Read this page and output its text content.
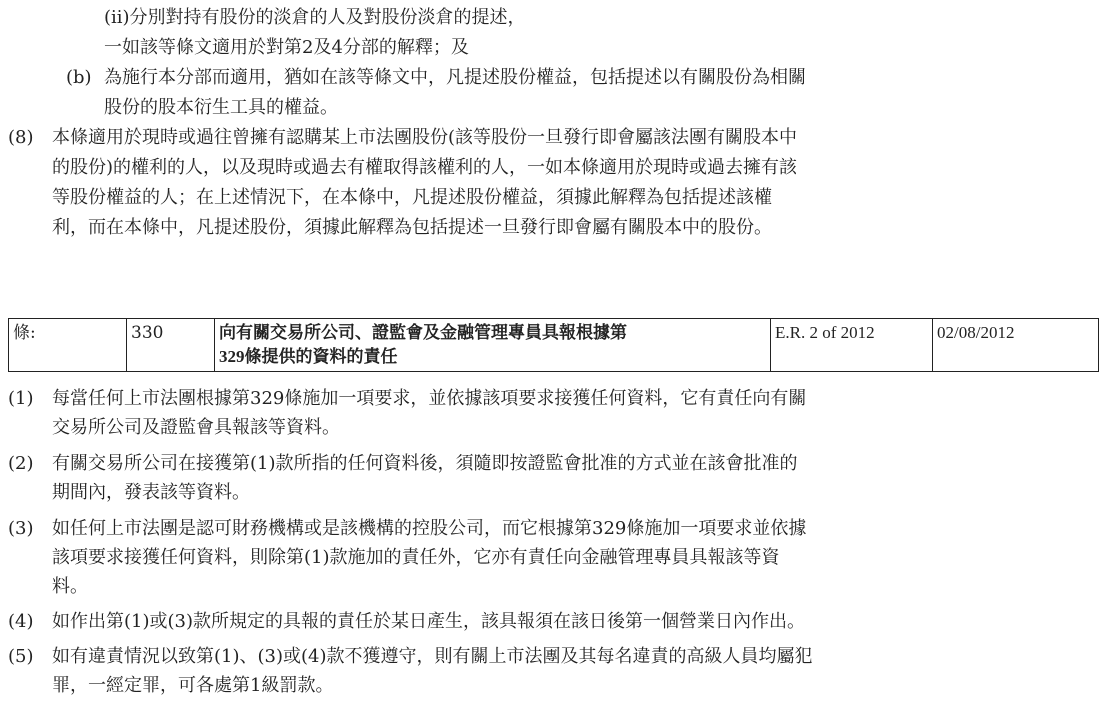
(ii)分別對持有股份的淡倉的人及對股份淡倉的提述，
一如該等條文適用於對第2及4分部的解釋；及
(b) 為施行本分部而適用，猶如在該等條文中，凡提述股份權益，包括提述以有關股份為相關
股份的股本衍生工具的權益。
(8) 本條適用於現時或過往曾擁有認購某上市法團股份(該等股份一旦發行即會屬該法團有關股本中
的股份)的權利的人，以及現時或過去有權取得該權利的人，一如本條適用於現時或過去擁有該
等股份權益的人；在上述情況下，在本條中，凡提述股份權益，須據此解釋為包括提述該權
利，而在本條中，凡提述股份，須據此解釋為包括提述一旦發行即會屬有關股本中的股份。
條:	330	向有關交易所公司、證監會及金融管理專員具報根據第
329條提供的資料的責任	E.R. 2 of 2012	02/08/2012
(1) 每當任何上市法團根據第329條施加一項要求，並依據該項要求接獲任何資料，它有責任向有關
交易所公司及證監會具報該等資料。
(2) 有關交易所公司在接獲第(1)款所指的任何資料後，須隨即按證監會批准的方式並在該會批准的
期間內，發表該等資料。
(3) 如任何上市法團是認可財務機構或是該機構的控股公司，而它根據第329條施加一項要求並依據
該項要求接獲任何資料，則除第(1)款施加的責任外，它亦有責任向金融管理專員具報該等資
料。
(4) 如作出第(1)或(3)款所規定的具報的責任於某日產生，該具報須在該日後第一個營業日內作出。
(5) 如有違責情況以致第(1)、(3)或(4)款不獲遵守，則有關上市法團及其每名違責的高級人員均屬犯
罪，一經定罪，可各處第1級罰款。
